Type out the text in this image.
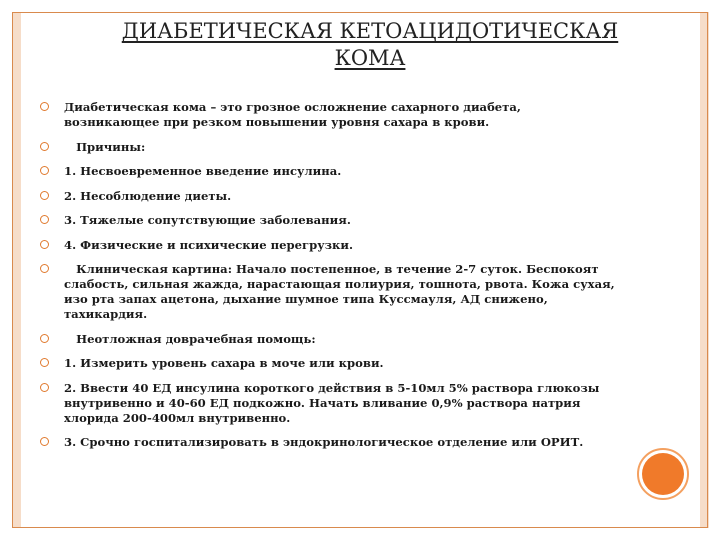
ДИАБЕТИЧЕСКАЯ КЕТОАЦИДОТИЧЕСКАЯ
КОМА
Диабетическая кома – это грозное осложнение сахарного диабета, возникающее при резком повышении уровня сахара в крови.
Причины:
1. Несвоевременное введение инсулина.
2. Несоблюдение диеты.
3. Тяжелые сопутствующие заболевания.
4. Физические и психические перегрузки.
Клиническая картина: Начало постепенное, в течение 2-7 суток. Беспокоят слабость, сильная жажда, нарастающая полиурия, тошнота, рвота. Кожа сухая, изо рта запах ацетона, дыхание шумное типа Куссмауля, АД снижено, тахикардия.
Неотложная доврачебная помощь:
1. Измерить уровень сахара в моче или крови.
2. Ввести 40 ЕД инсулина короткого действия в 5-10мл 5% раствора глюкозы внутривенно и 40-60 ЕД подкожно. Начать вливание 0,9% раствора натрия хлорида 200-400мл внутривенно.
3. Срочно госпитализировать в эндокринологическое отделение или ОРИТ.
